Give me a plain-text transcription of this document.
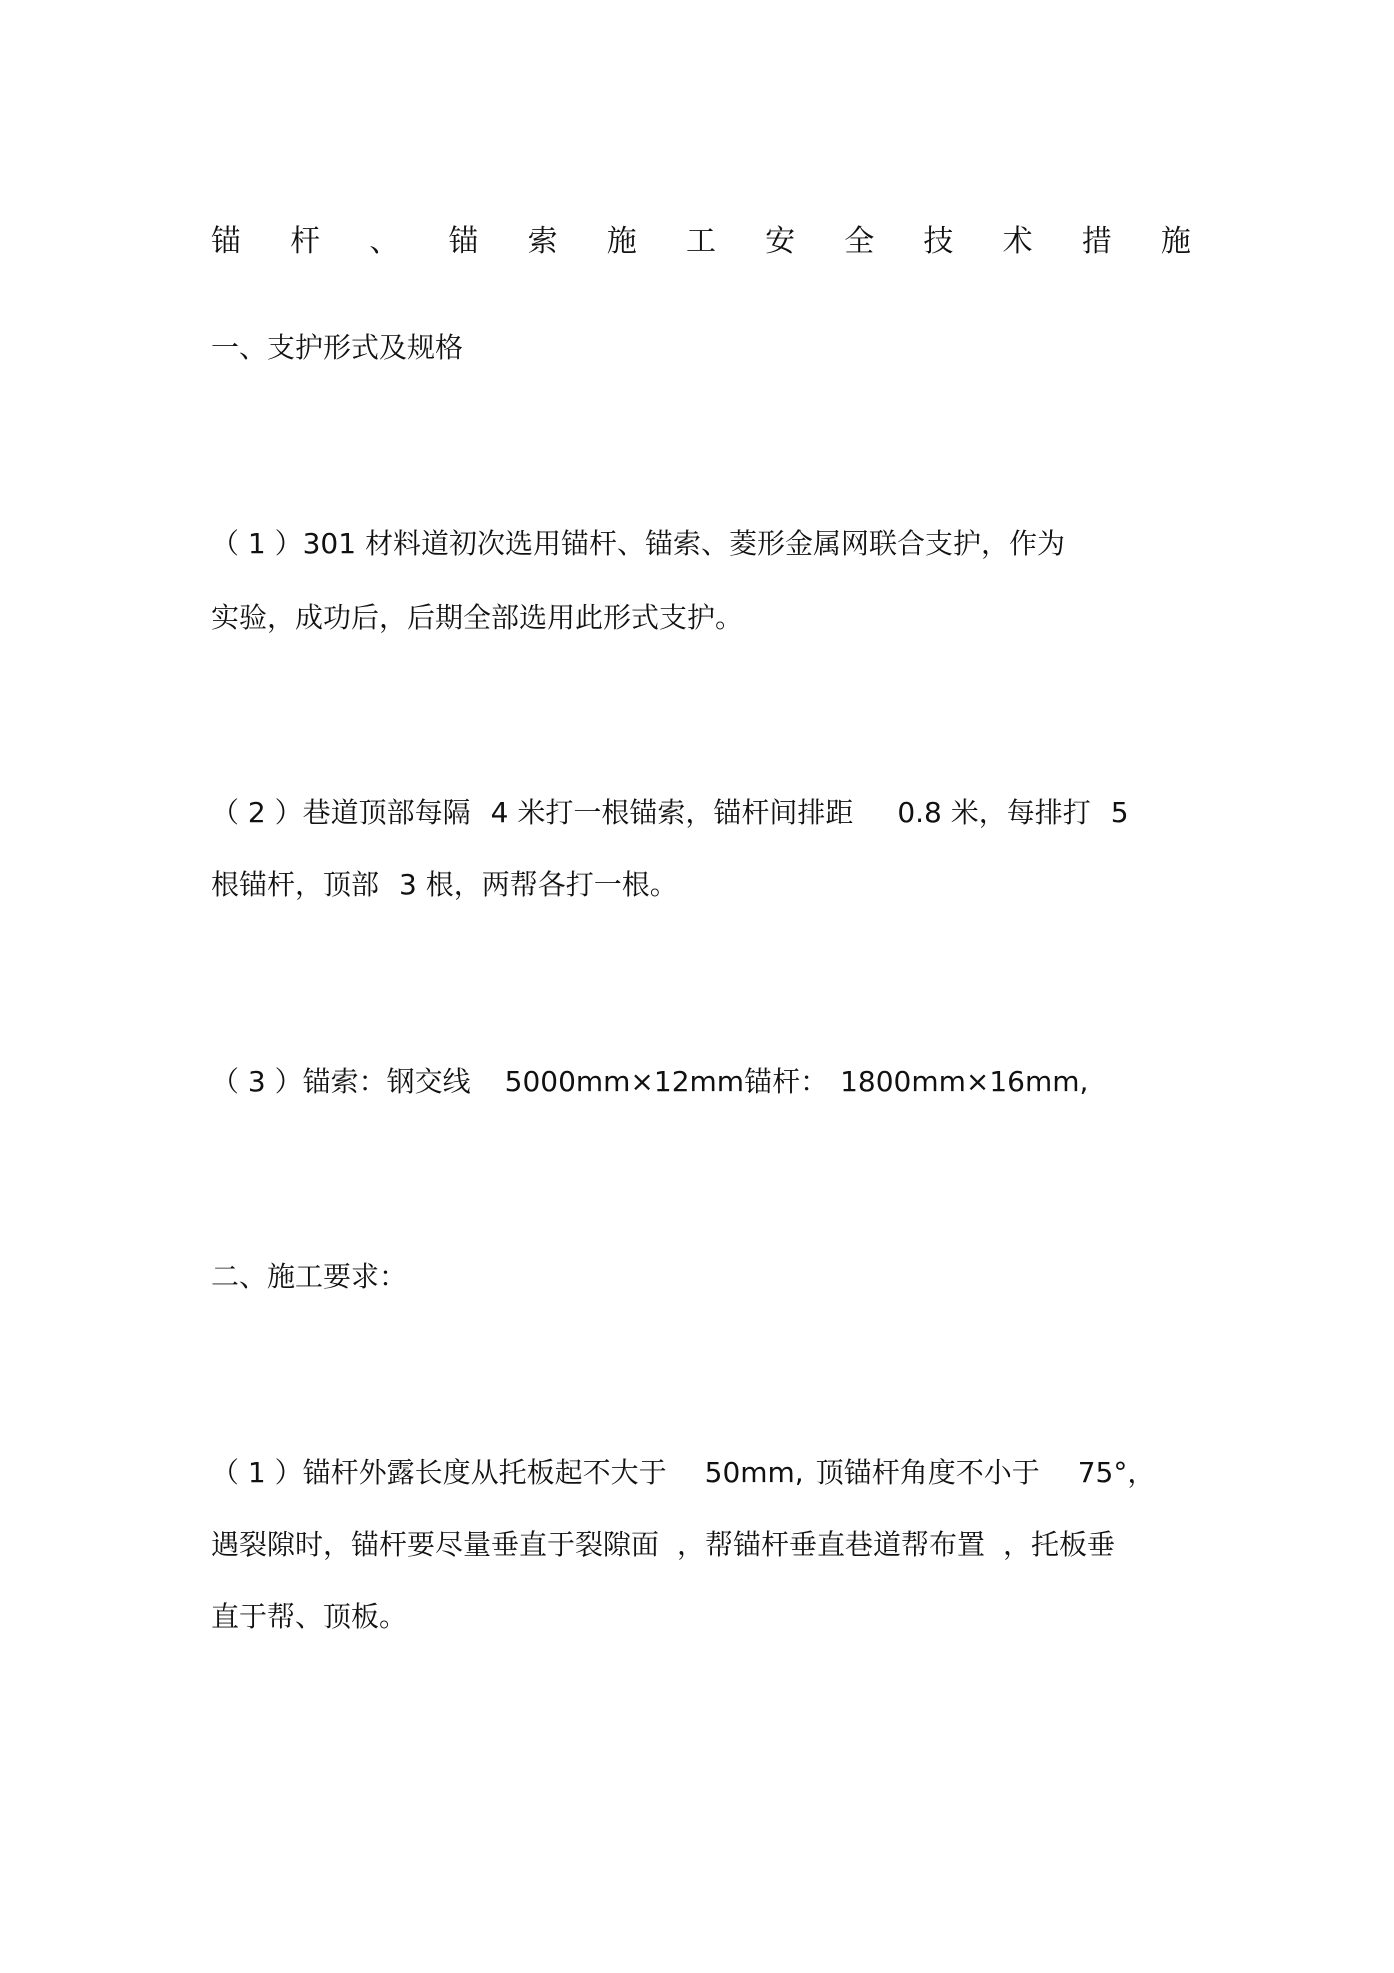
锚 杆 、 锚 索 施 工 安 全 技 术 措 施
一、支护形式及规格
（ 1 ）301 材料道初次选用锚杆、锚索、菱形金属网联合支护，作为
实验，成功后，后期全部选用此形式支护。
（ 2 ）巷道顶部每隔 4 米打一根锚索，锚杆间排距 0.8 米，每排打 5
根锚杆，顶部 3 根，两帮各打一根。
（ 3 ）锚索：钢交线 5000mm×12mm锚杆： 1800mm×16mm,
二、施工要求：
（ 1 ）锚杆外露长度从托板起不大于 50mm, 顶锚杆角度不小于 75°，
遇裂隙时，锚杆要尽量垂直于裂隙面 ，帮锚杆垂直巷道帮布置 ，托板垂
直于帮、顶板。
